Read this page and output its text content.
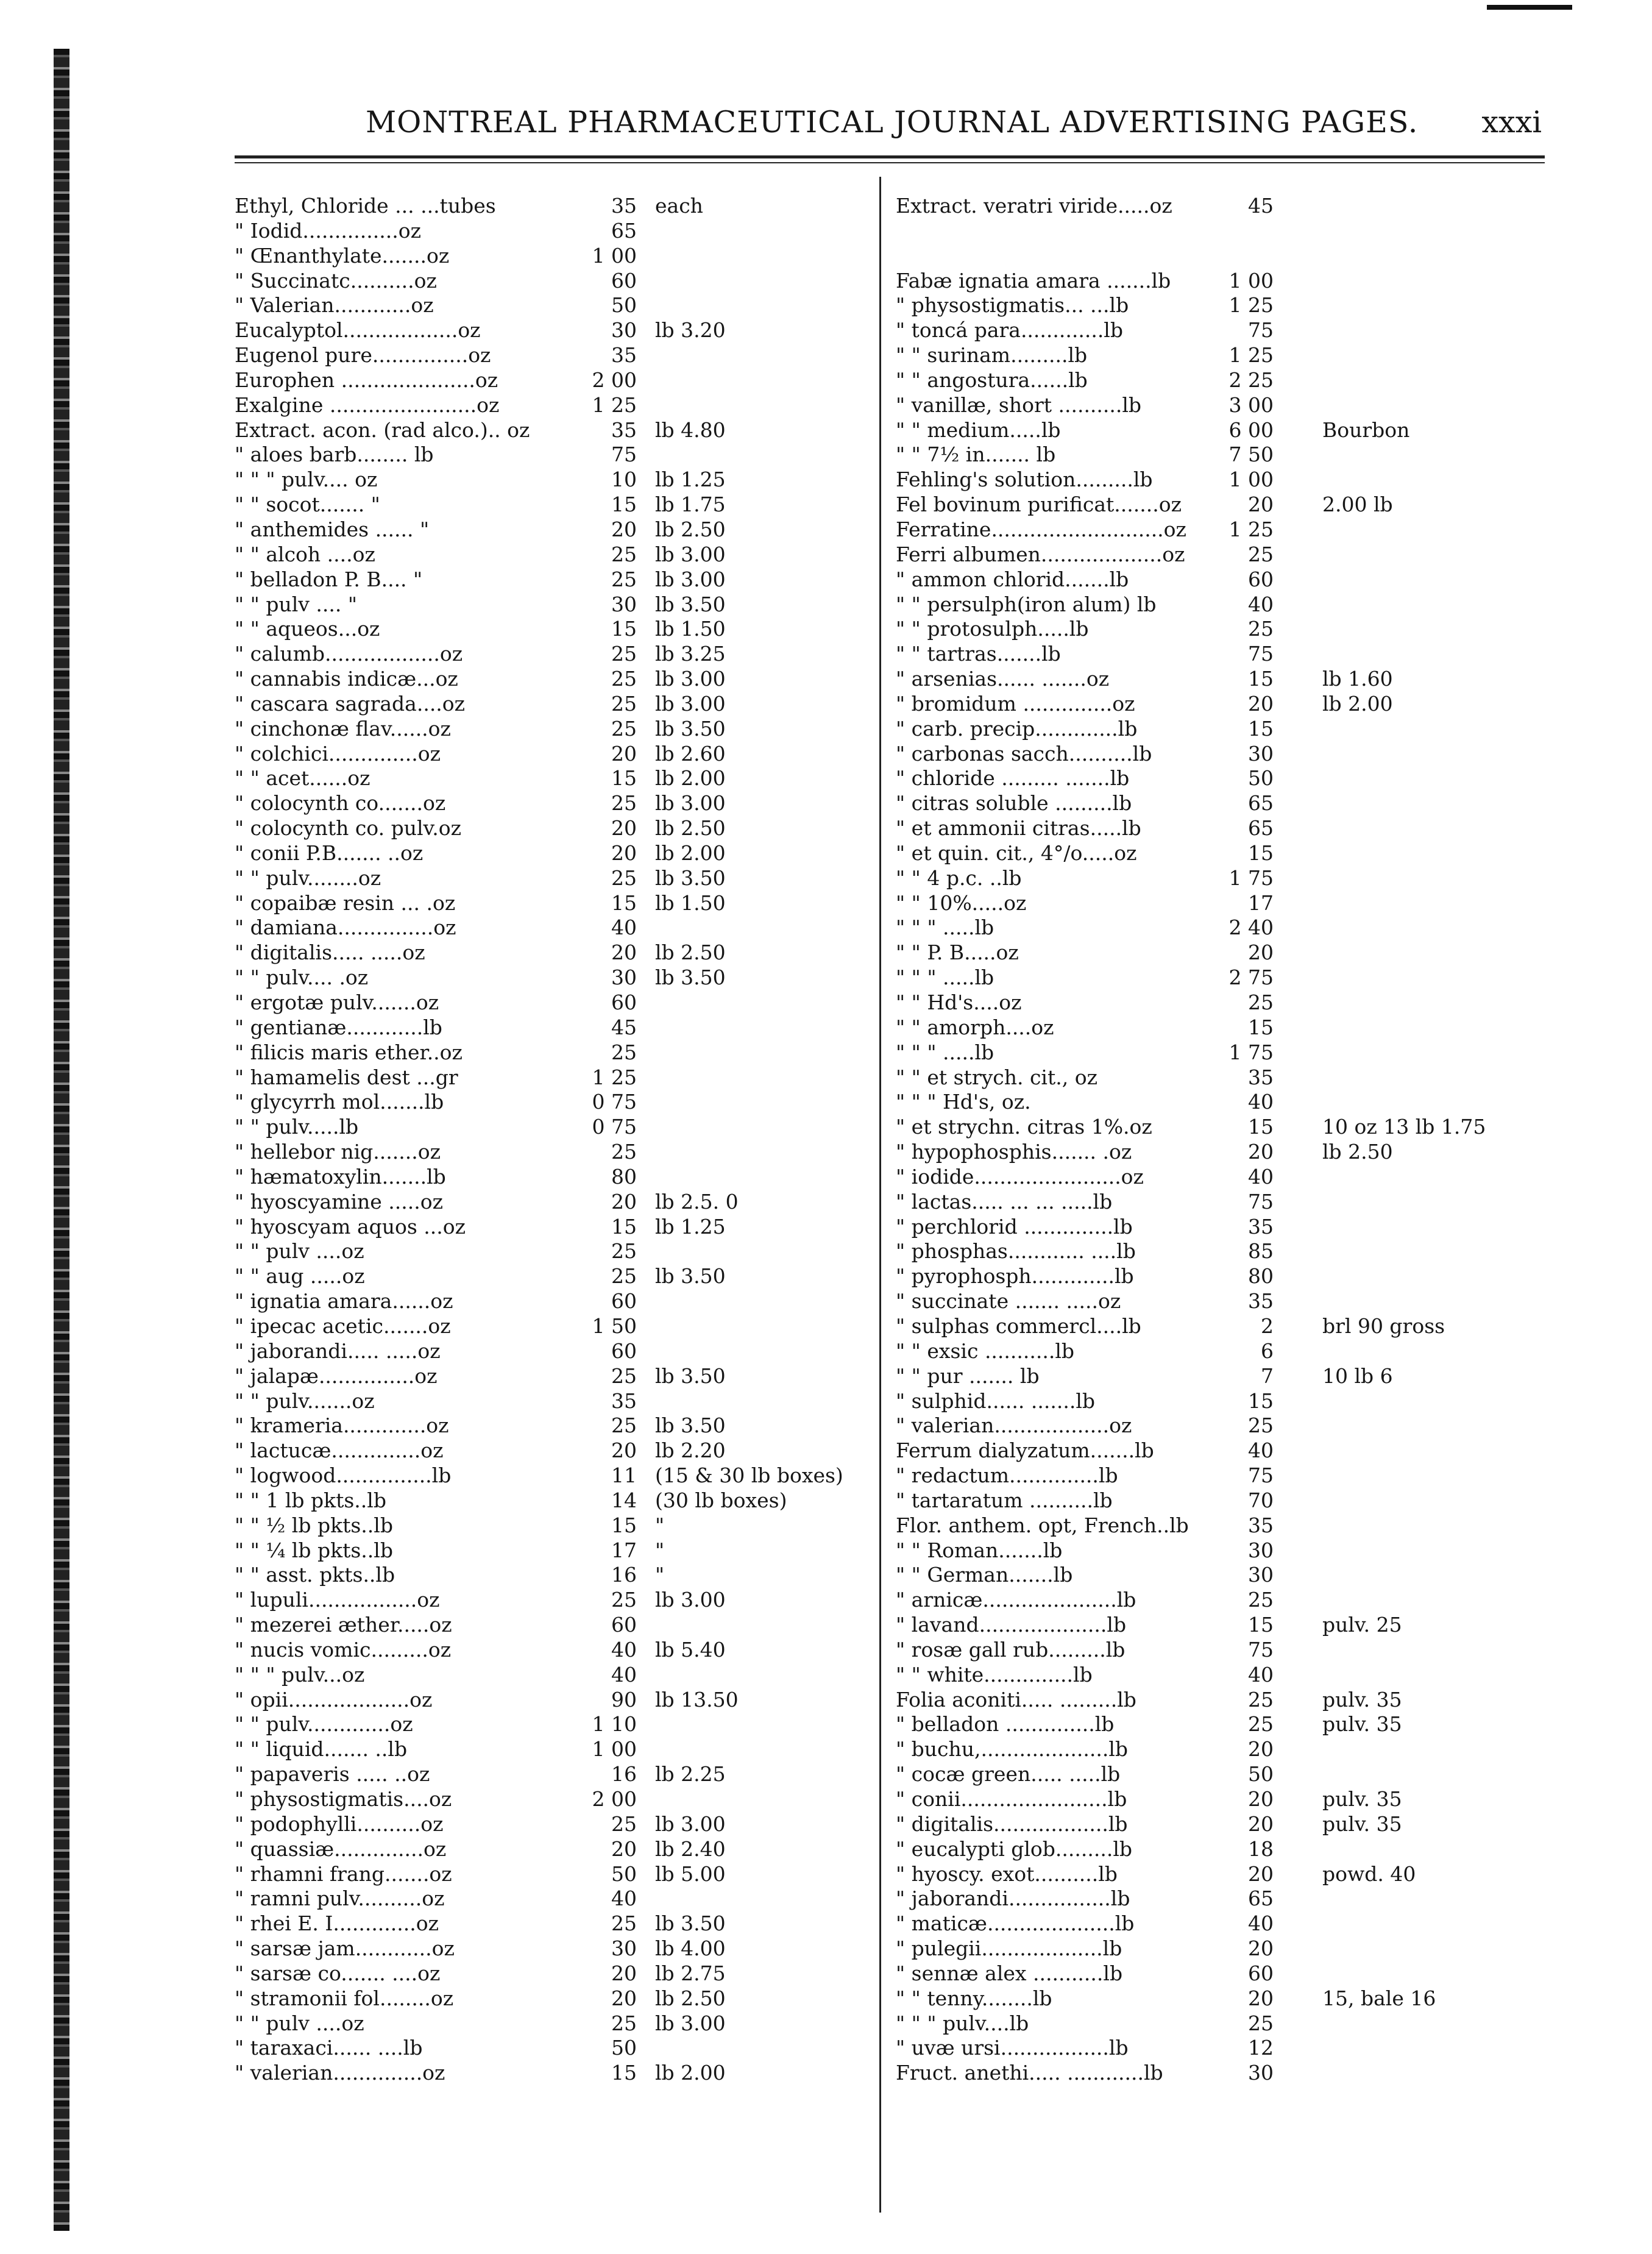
MONTREAL PHARMACEUTICAL JOURNAL ADVERTISING PAGES. xxxi
Ethyl, Chloride ... ...tubes	35 each
" Iodid...............oz	65
" Œnanthylate.......oz	1 00
" Succinatc..........oz	60
" Valerian............oz	50
Eucalyptol..................oz	30 lb 3.20
Eugenol pure...............oz	35
Europhen .....................oz	2 00
Exalgine .......................oz	1 25
Extract. acon. (rad alco.).. oz	35 lb 4.80
" aloes barb........ lb	75
" " " pulv.... oz	10 lb 1.25
" " socot....... "	15 lb 1.75
" anthemides ...... "	20 lb 2.50
" " alcoh ....oz	25 lb 3.00
" belladon P. B.... "	25 lb 3.00
" " pulv .... "	30 lb 3.50
" " aqueos...oz	15 lb 1.50
" calumb..................oz	25 lb 3.25
" cannabis indicæ...oz	25 lb 3.00
" cascara sagrada....oz	25 lb 3.00
" cinchonæ flav......oz	25 lb 3.50
" colchici..............oz	20 lb 2.60
" " acet......oz	15 lb 2.00
" colocynth co.......oz	25 lb 3.00
" colocynth co. pulv.oz	20 lb 2.50
" conii P.B....... ..oz	20 lb 2.00
" " pulv........oz	25 lb 3.50
" copaibæ resin ... .oz	15 lb 1.50
" damiana...............oz	40
" digitalis..... .....oz	20 lb 2.50
" " pulv.... .oz	30 lb 3.50
" ergotæ pulv.......oz	60
" gentianæ............lb	45
" filicis maris ether..oz	25
" hamamelis dest ...gr	1 25
" glycyrrh mol.......lb	0 75
" " pulv.....lb	0 75
" hellebor nig.......oz	25
" hæmatoxylin.......lb	80
" hyoscyamine .....oz	20 lb 2.5. 0
" hyoscyam aquos ...oz	15 lb 1.25
" " pulv ....oz	25
" " aug .....oz	25 lb 3.50
" ignatia amara......oz	60
" ipecac acetic.......oz	1 50
" jaborandi..... .....oz	60
" jalapæ...............oz	25 lb 3.50
" " pulv.......oz	35
" krameria.............oz	25 lb 3.50
" lactucæ..............oz	20 lb 2.20
" logwood...............lb	11 (15 & 30 lb boxes)
" " 1 lb pkts..lb	14 (30 lb boxes)
" " ½ lb pkts..lb	15 "
" " ¼ lb pkts..lb	17 "
" " asst. pkts..lb	16 "
" lupuli.................oz	25 lb 3.00
" mezerei æther.....oz	60
" nucis vomic.........oz	40 lb 5.40
" " " pulv...oz	40
" opii...................oz	90 lb 13.50
" " pulv.............oz	1 10
" " liquid....... ..lb	1 00
" papaveris ..... ..oz	16 lb 2.25
" physostigmatis....oz	2 00
" podophylli..........oz	25 lb 3.00
" quassiæ..............oz	20 lb 2.40
" rhamni frang.......oz	50 lb 5.00
" ramni pulv..........oz	40
" rhei E. I.............oz	25 lb 3.50
" sarsæ jam............oz	30 lb 4.00
" sarsæ co....... ....oz	20 lb 2.75
" stramonii fol........oz	20 lb 2.50
" " pulv ....oz	25 lb 3.00
" taraxaci...... ....lb	50
" valerian..............oz	15 lb 2.00
Extract. veratri viride.....oz	45
Fabæ ignatia amara .......lb	1 00
" physostigmatis... ...lb	1 25
" toncá para.............lb	75
" " surinam.........lb	1 25
" " angostura......lb	2 25
" vanillæ, short ..........lb	3 00
" " medium.....lb	6 00 Bourbon
" " 7½ in....... lb	7 50
Fehling's solution.........lb	1 00
Fel bovinum purificat.......oz	20 2.00 lb
Ferratine...........................oz	1 25
Ferri albumen...................oz	25
" ammon chlorid.......lb	60
" " persulph(iron alum) lb	40
" " protosulph.....lb	25
" " tartras.......lb	75
" arsenias...... .......oz	15 lb 1.60
" bromidum ..............oz	20 lb 2.00
" carb. precip.............lb	15
" carbonas sacch..........lb	30
" chloride ......... .......lb	50
" citras soluble .........lb	65
" et ammonii citras.....lb	65
" et quin. cit., 4°/o.....oz	15
" " 4 p.c. ..lb	1 75
" " 10%.....oz	17
" " " .....lb	2 40
" " P. B.....oz	20
" " " .....lb	2 75
" " Hd's....oz	25
" " amorph....oz	15
" " " .....lb	1 75
" " et strych. cit., oz	35
" " " Hd's, oz.	40
" et strychn. citras 1%.oz	15 10 oz 13 lb 1.75
" hypophosphis....... .oz	20 lb 2.50
" iodide.......................oz	40
" lactas..... ... ... .....lb	75
" perchlorid ..............lb	35
" phosphas............ ....lb	85
" pyrophosph.............lb	80
" succinate ....... .....oz	35
" sulphas commercl....lb	2 brl 90 gross
" " exsic ...........lb	6
" " pur ....... lb	7 10 lb 6
" sulphid...... .......lb	15
" valerian..................oz	25
Ferrum dialyzatum.......lb	40
" redactum..............lb	75
" tartaratum ..........lb	70
Flor. anthem. opt, French..lb	35
" " Roman.......lb	30
" " German.......lb	30
" arnicæ.....................lb	25
" lavand....................lb	15 pulv. 25
" rosæ gall rub.........lb	75
" " white..............lb	40
Folia aconiti..... .........lb	25 pulv. 35
" belladon ..............lb	25 pulv. 35
" buchu,....................lb	20
" cocæ green..... .....lb	50
" conii.......................lb	20 pulv. 35
" digitalis..................lb	20 pulv. 35
" eucalypti glob.........lb	18
" hyoscy. exot..........lb	20 powd. 40
" jaborandi................lb	65
" maticæ....................lb	40
" pulegii...................lb	20
" sennæ alex ...........lb	60
" " tenny........lb	20 15, bale 16
" " " pulv....lb	25
" uvæ ursi.................lb	12
Fruct. anethi..... ............lb	30
